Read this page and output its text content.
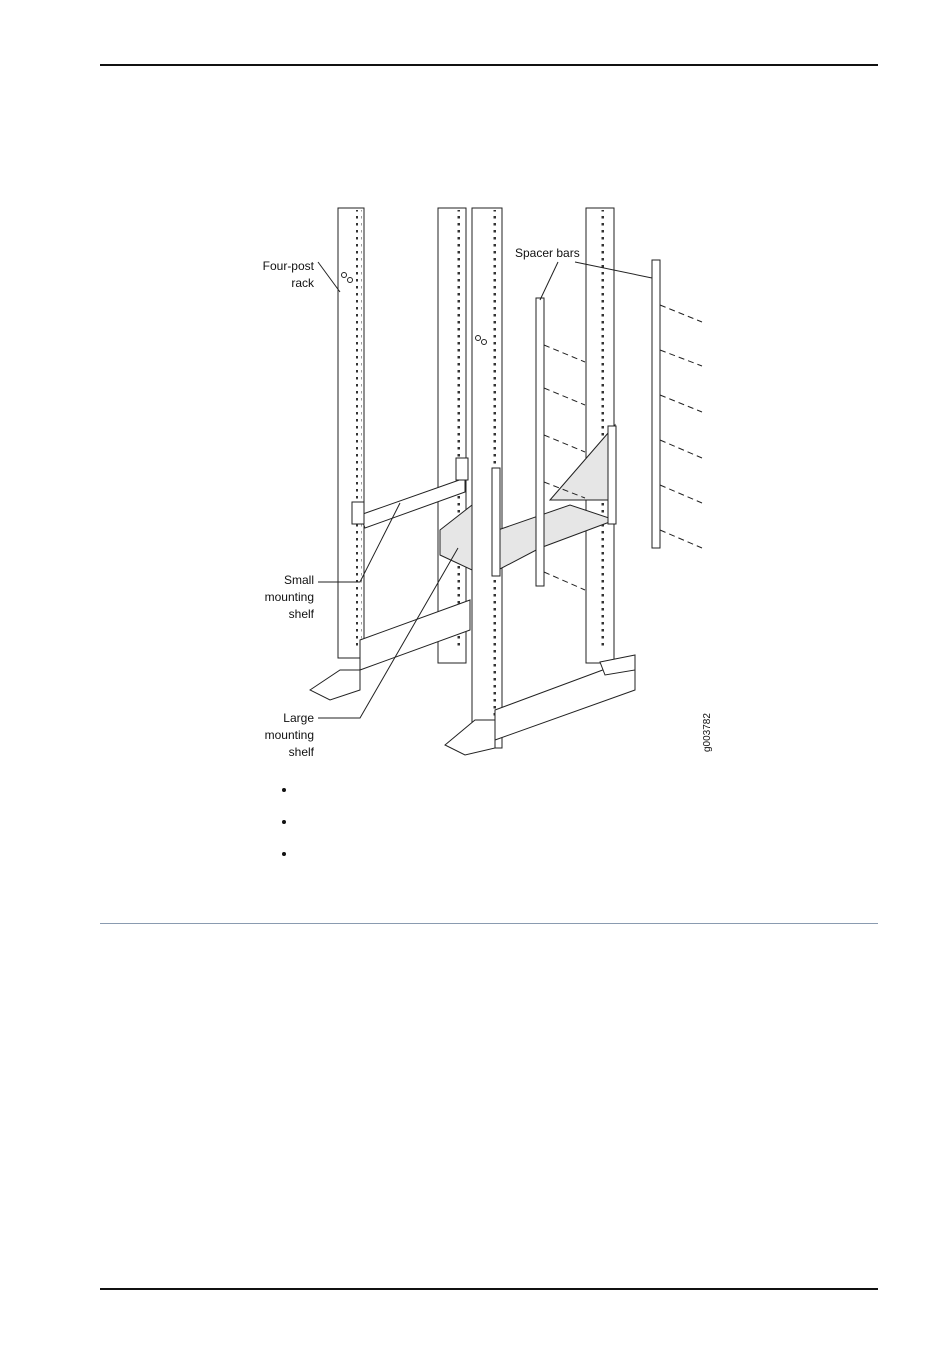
Four-post
rack
Spacer bars
Small
mounting
shelf
Large
mounting
shelf	g003782
